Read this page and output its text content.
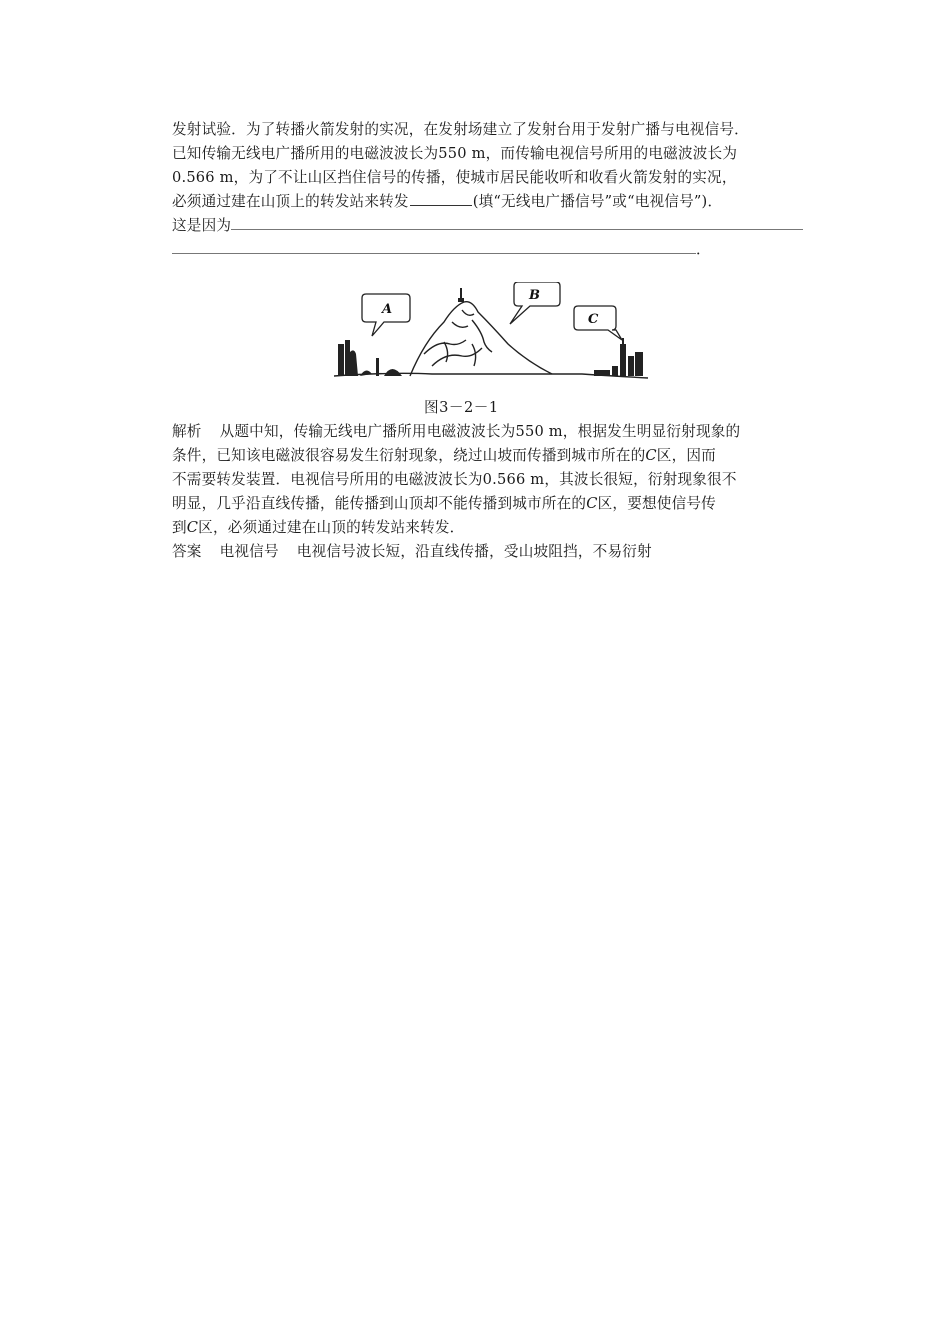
发射试验．为了转播火箭发射的实况，在发射场建立了发射台用于发射广播与电视信号．
已知传输无线电广播所用的电磁波波长为550 m，而传输电视信号所用的电磁波波长为
0.566 m，为了不让山区挡住信号的传播，使城市居民能收听和收看火箭发射的实况，
必须通过建在山顶上的转发站来转发	(填“无线电广播信号”或“电视信号”)．
这是因为
．
A
B
C
图3－2－1
解析 从题中知，传输无线电广播所用电磁波波长为550 m，根据发生明显衍射现象的
条件，已知该电磁波很容易发生衍射现象，绕过山坡而传播到城市所在的C区，因而
不需要转发装置．电视信号所用的电磁波波长为0.566 m，其波长很短，衍射现象很不
明显，几乎沿直线传播，能传播到山顶却不能传播到城市所在的C区，要想使信号传
到C区，必须通过建在山顶的转发站来转发．
答案 电视信号 电视信号波长短，沿直线传播，受山坡阻挡，不易衍射
